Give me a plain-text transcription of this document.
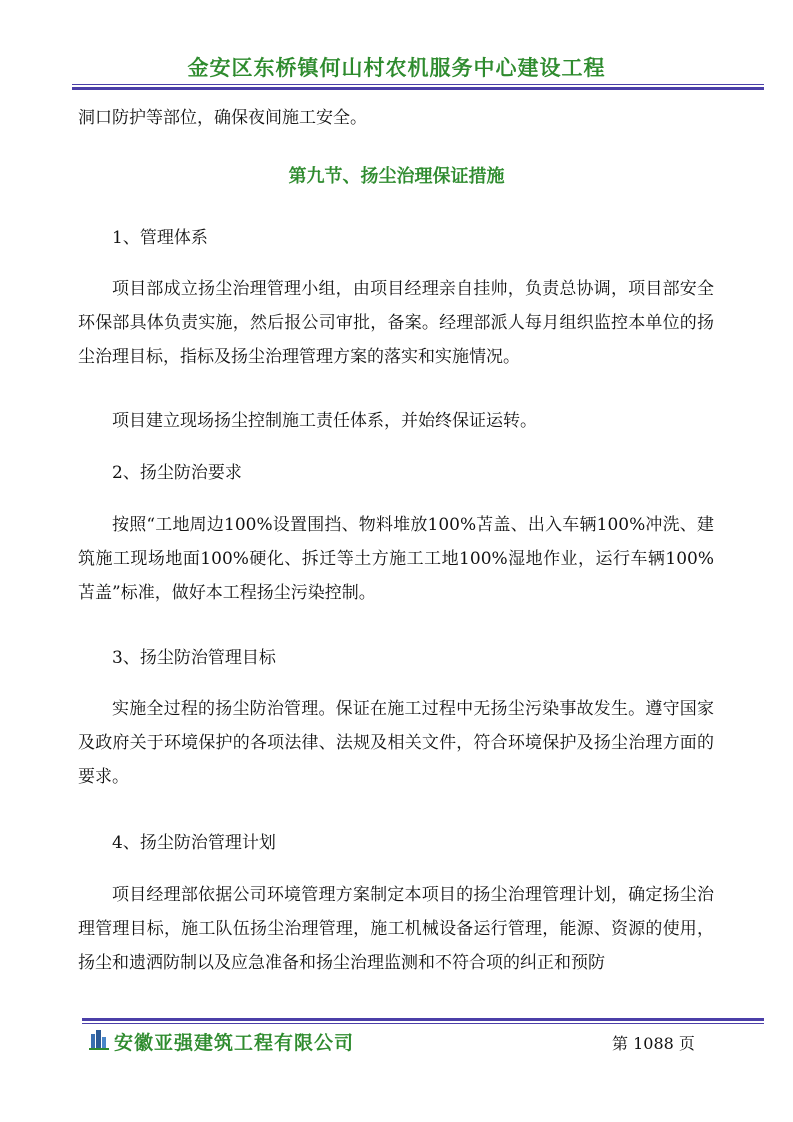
金安区东桥镇何山村农机服务中心建设工程

洞口防护等部位，确保夜间施工安全。

第九节、扬尘治理保证措施

1、管理体系

项目部成立扬尘治理管理小组，由项目经理亲自挂帅，负责总协调，项目部安全环保部具体负责实施，然后报公司审批，备案。经理部派人每月组织监控本单位的扬尘治理目标，指标及扬尘治理管理方案的落实和实施情况。

项目建立现场扬尘控制施工责任体系，并始终保证运转。

2、扬尘防治要求

按照“工地周边100%设置围挡、物料堆放100%苫盖、出入车辆100%冲洗、建筑施工现场地面100%硬化、拆迁等土方施工工地100%湿地作业，运行车辆100%苫盖”标准，做好本工程扬尘污染控制。

3、扬尘防治管理目标

实施全过程的扬尘防治管理。保证在施工过程中无扬尘污染事故发生。遵守国家及政府关于环境保护的各项法律、法规及相关文件，符合环境保护及扬尘治理方面的要求。

4、扬尘防治管理计划

项目经理部依据公司环境管理方案制定本项目的扬尘治理管理计划，确定扬尘治理管理目标，施工队伍扬尘治理管理，施工机械设备运行管理，能源、资源的使用，扬尘和遗洒防制以及应急准备和扬尘治理监测和不符合项的纠正和预防

安徽亚强建筑工程有限公司	第 1088 页
